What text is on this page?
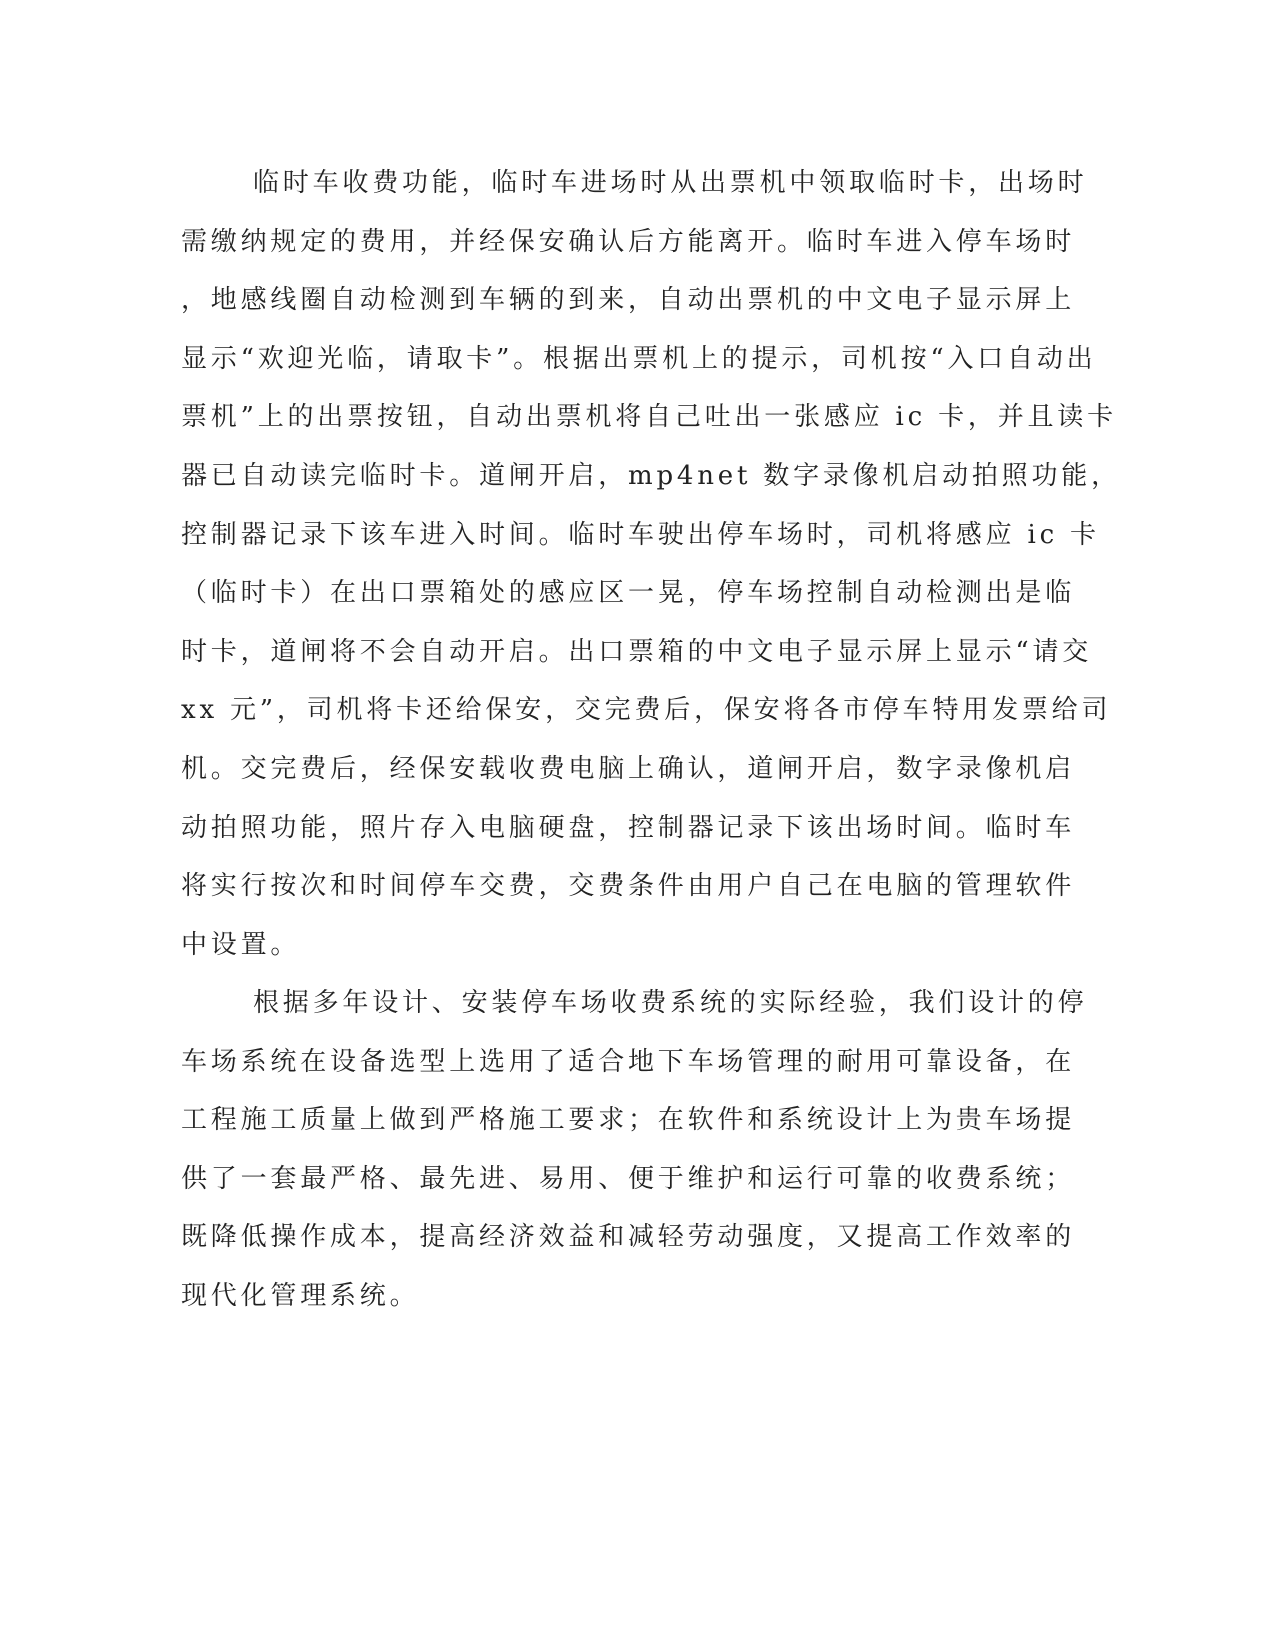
临时车收费功能，临时车进场时从出票机中领取临时卡，出场时
需缴纳规定的费用，并经保安确认后方能离开。临时车进入停车场时
，地感线圈自动检测到车辆的到来，自动出票机的中文电子显示屏上
显示“欢迎光临，请取卡”。根据出票机上的提示，司机按“入口自动出
票机”上的出票按钮，自动出票机将自己吐出一张感应 ic 卡，并且读卡
器已自动读完临时卡。道闸开启，mp4net 数字录像机启动拍照功能，
控制器记录下该车进入时间。临时车驶出停车场时，司机将感应 ic 卡
（临时卡）在出口票箱处的感应区一晃，停车场控制自动检测出是临
时卡，道闸将不会自动开启。出口票箱的中文电子显示屏上显示“请交
xx 元”，司机将卡还给保安，交完费后，保安将各市停车特用发票给司
机。交完费后，经保安载收费电脑上确认，道闸开启，数字录像机启
动拍照功能，照片存入电脑硬盘，控制器记录下该出场时间。临时车
将实行按次和时间停车交费，交费条件由用户自己在电脑的管理软件
中设置。
根据多年设计、安装停车场收费系统的实际经验，我们设计的停
车场系统在设备选型上选用了适合地下车场管理的耐用可靠设备，在
工程施工质量上做到严格施工要求；在软件和系统设计上为贵车场提
供了一套最严格、最先进、易用、便于维护和运行可靠的收费系统；
既降低操作成本，提高经济效益和减轻劳动强度，又提高工作效率的
现代化管理系统。
